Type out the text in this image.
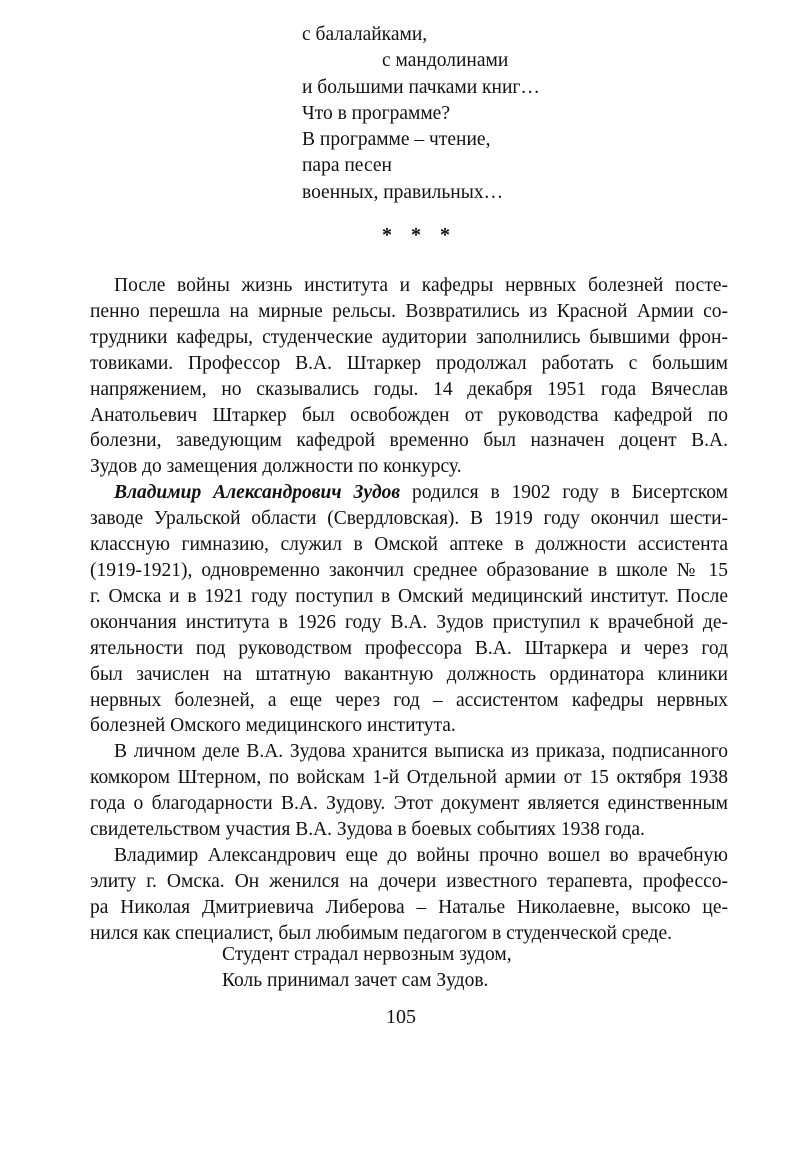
с балалайками,
с мандолинами
и большими пачками книг…
Что в программе?
В программе – чтение,
пара песен
военных, правильных…
* * *

После войны жизнь института и кафедры нервных болезней посте-
пенно перешла на мирные рельсы. Возвратились из Красной Армии со-
трудники кафедры, студенческие аудитории заполнились бывшими фрон-
товиками. Профессор В.А. Штаркер продолжал работать с большим
напряжением, но сказывались годы. 14 декабря 1951 года Вячеслав
Анатольевич Штаркер был освобожден от руководства кафедрой по
болезни, заведующим кафедрой временно был назначен доцент В.А.
Зудов до замещения должности по конкурсу.

Владимир Александрович Зудов родился в 1902 году в Бисертском
заводе Уральской области (Свердловская). В 1919 году окончил шести-
классную гимназию, служил в Омской аптеке в должности ассистента
(1919-1921), одновременно закончил среднее образование в школе № 15
г. Омска и в 1921 году поступил в Омский медицинский институт. После
окончания института в 1926 году В.А. Зудов приступил к врачебной де-
ятельности под руководством профессора В.А. Штаркера и через год
был зачислен на штатную вакантную должность ординатора клиники
нервных болезней, а еще через год – ассистентом кафедры нервных
болезней Омского медицинского института.

В личном деле В.А. Зудова хранится выписка из приказа, подписанного
комкором Штерном, по войскам 1-й Отдельной армии от 15 октября 1938
года о благодарности В.А. Зудову. Этот документ является единственным
свидетельством участия В.А. Зудова в боевых событиях 1938 года.

Владимир Александрович еще до войны прочно вошел во врачебную
элиту г. Омска. Он женился на дочери известного терапевта, профессо-
ра Николая Дмитриевича Либерова – Наталье Николаевне, высоко це-
нился как специалист, был любимым педагогом в студенческой среде.

Студент страдал нервозным зудом,
Коль принимал зачет сам Зудов.
105
